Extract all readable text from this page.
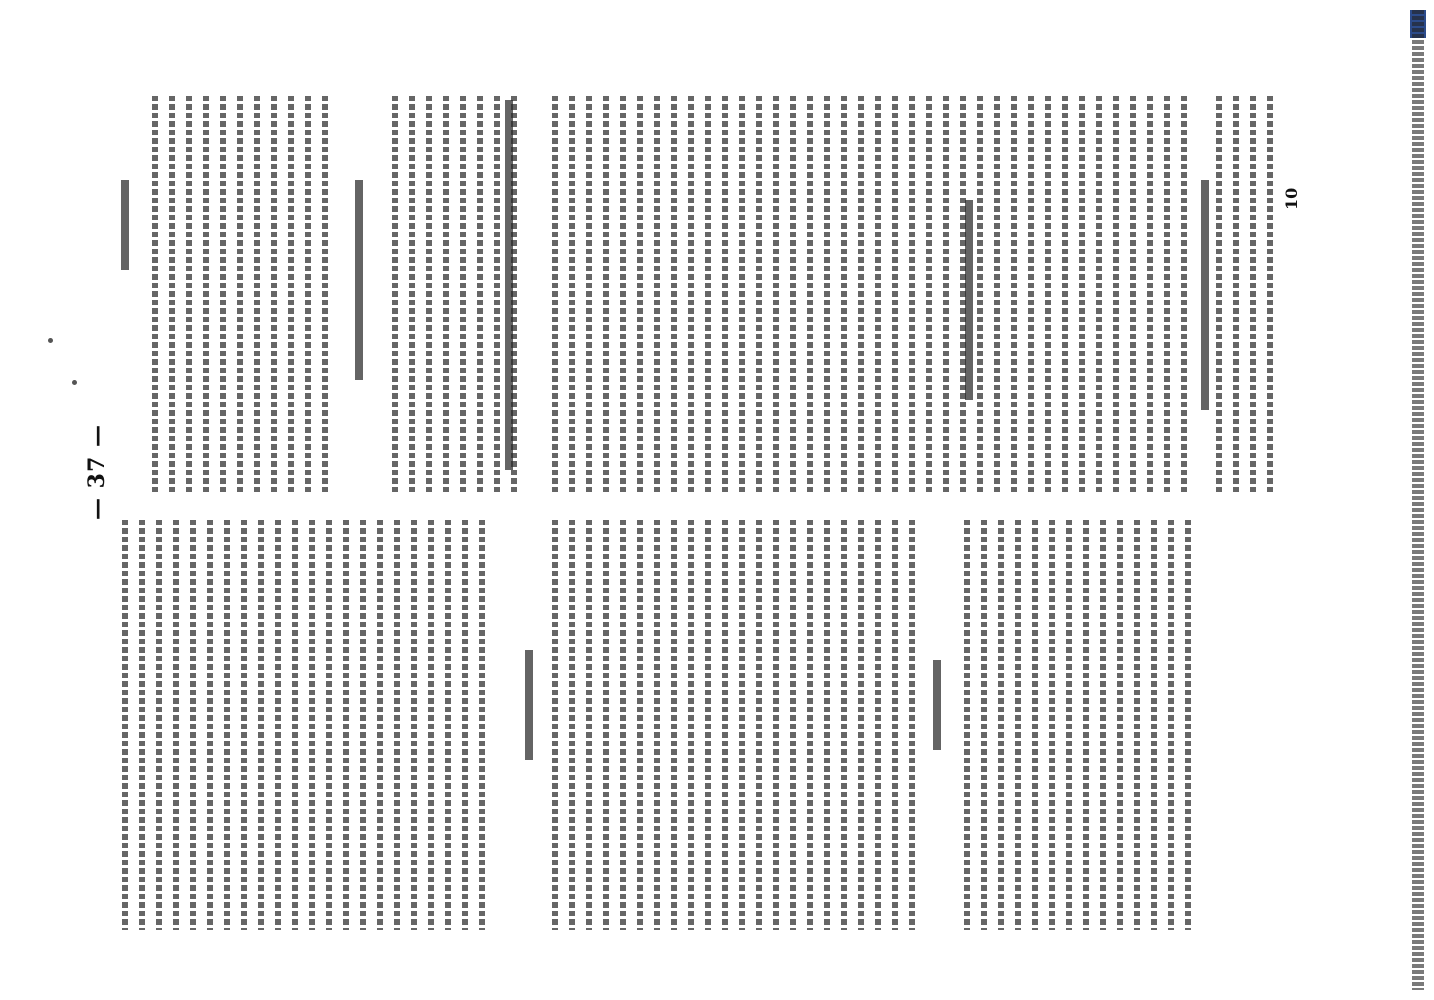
— 37 —
10
